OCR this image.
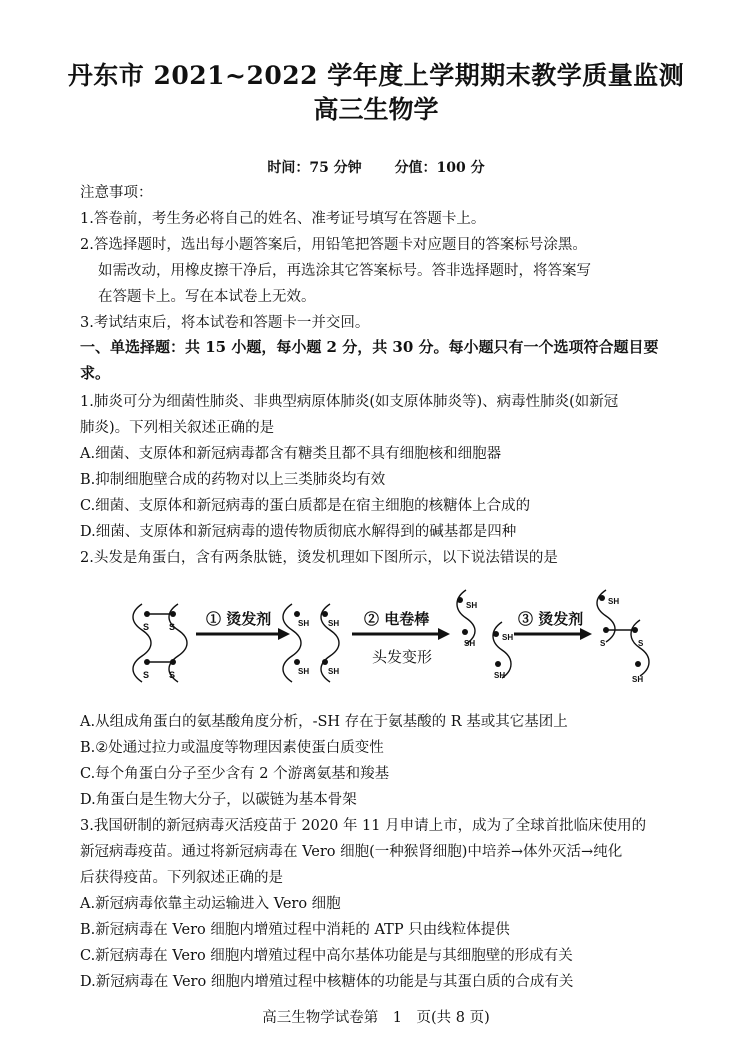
丹东市 2021~2022 学年度上学期期末教学质量监测
高三生物学
时间：75 分钟 分值：100 分
注意事项：
1.答卷前，考生务必将自己的姓名、准考证号填写在答题卡上。
2.答选择题时，选出每小题答案后，用铅笔把答题卡对应题目的答案标号涂黑。
如需改动，用橡皮擦干净后，再选涂其它答案标号。答非选择题时，将答案写
在答题卡上。写在本试卷上无效。
3.考试结束后，将本试卷和答题卡一并交回。
一、单选择题：共 15 小题，每小题 2 分，共 30 分。每小题只有一个选项符合题目要
求。
1.肺炎可分为细菌性肺炎、非典型病原体肺炎(如支原体肺炎等)、病毒性肺炎(如新冠
肺炎)。下列相关叙述正确的是
A.细菌、支原体和新冠病毒都含有糖类且都不具有细胞核和细胞器
B.抑制细胞壁合成的药物对以上三类肺炎均有效
C.细菌、支原体和新冠病毒的蛋白质都是在宿主细胞的核糖体上合成的
D.细菌、支原体和新冠病毒的遗传物质彻底水解得到的碱基都是四种
2.头发是角蛋白，含有两条肽链，烫发机理如下图所示，以下说法错误的是
S S
S S
① 烫发剂	SH SH
SH SH
② 电卷棒
头发变形
SH
SH
SH
SH
③ 烫发剂
SH
S	S
SH
A.从组成角蛋白的氨基酸角度分析，-SH 存在于氨基酸的 R 基或其它基团上
B.②处通过拉力或温度等物理因素使蛋白质变性
C.每个角蛋白分子至少含有 2 个游离氨基和羧基
D.角蛋白是生物大分子，以碳链为基本骨架
3.我国研制的新冠病毒灭活疫苗于 2020 年 11 月申请上市，成为了全球首批临床使用的
新冠病毒疫苗。通过将新冠病毒在 Vero 细胞(一种猴肾细胞)中培养→体外灭活→纯化
后获得疫苗。下列叙述正确的是
A.新冠病毒依靠主动运输进入 Vero 细胞
B.新冠病毒在 Vero 细胞内增殖过程中消耗的 ATP 只由线粒体提供
C.新冠病毒在 Vero 细胞内增殖过程中高尔基体功能是与其细胞壁的形成有关
D.新冠病毒在 Vero 细胞内增殖过程中核糖体的功能是与其蛋白质的合成有关
高三生物学试卷第　1　页(共 8 页)
